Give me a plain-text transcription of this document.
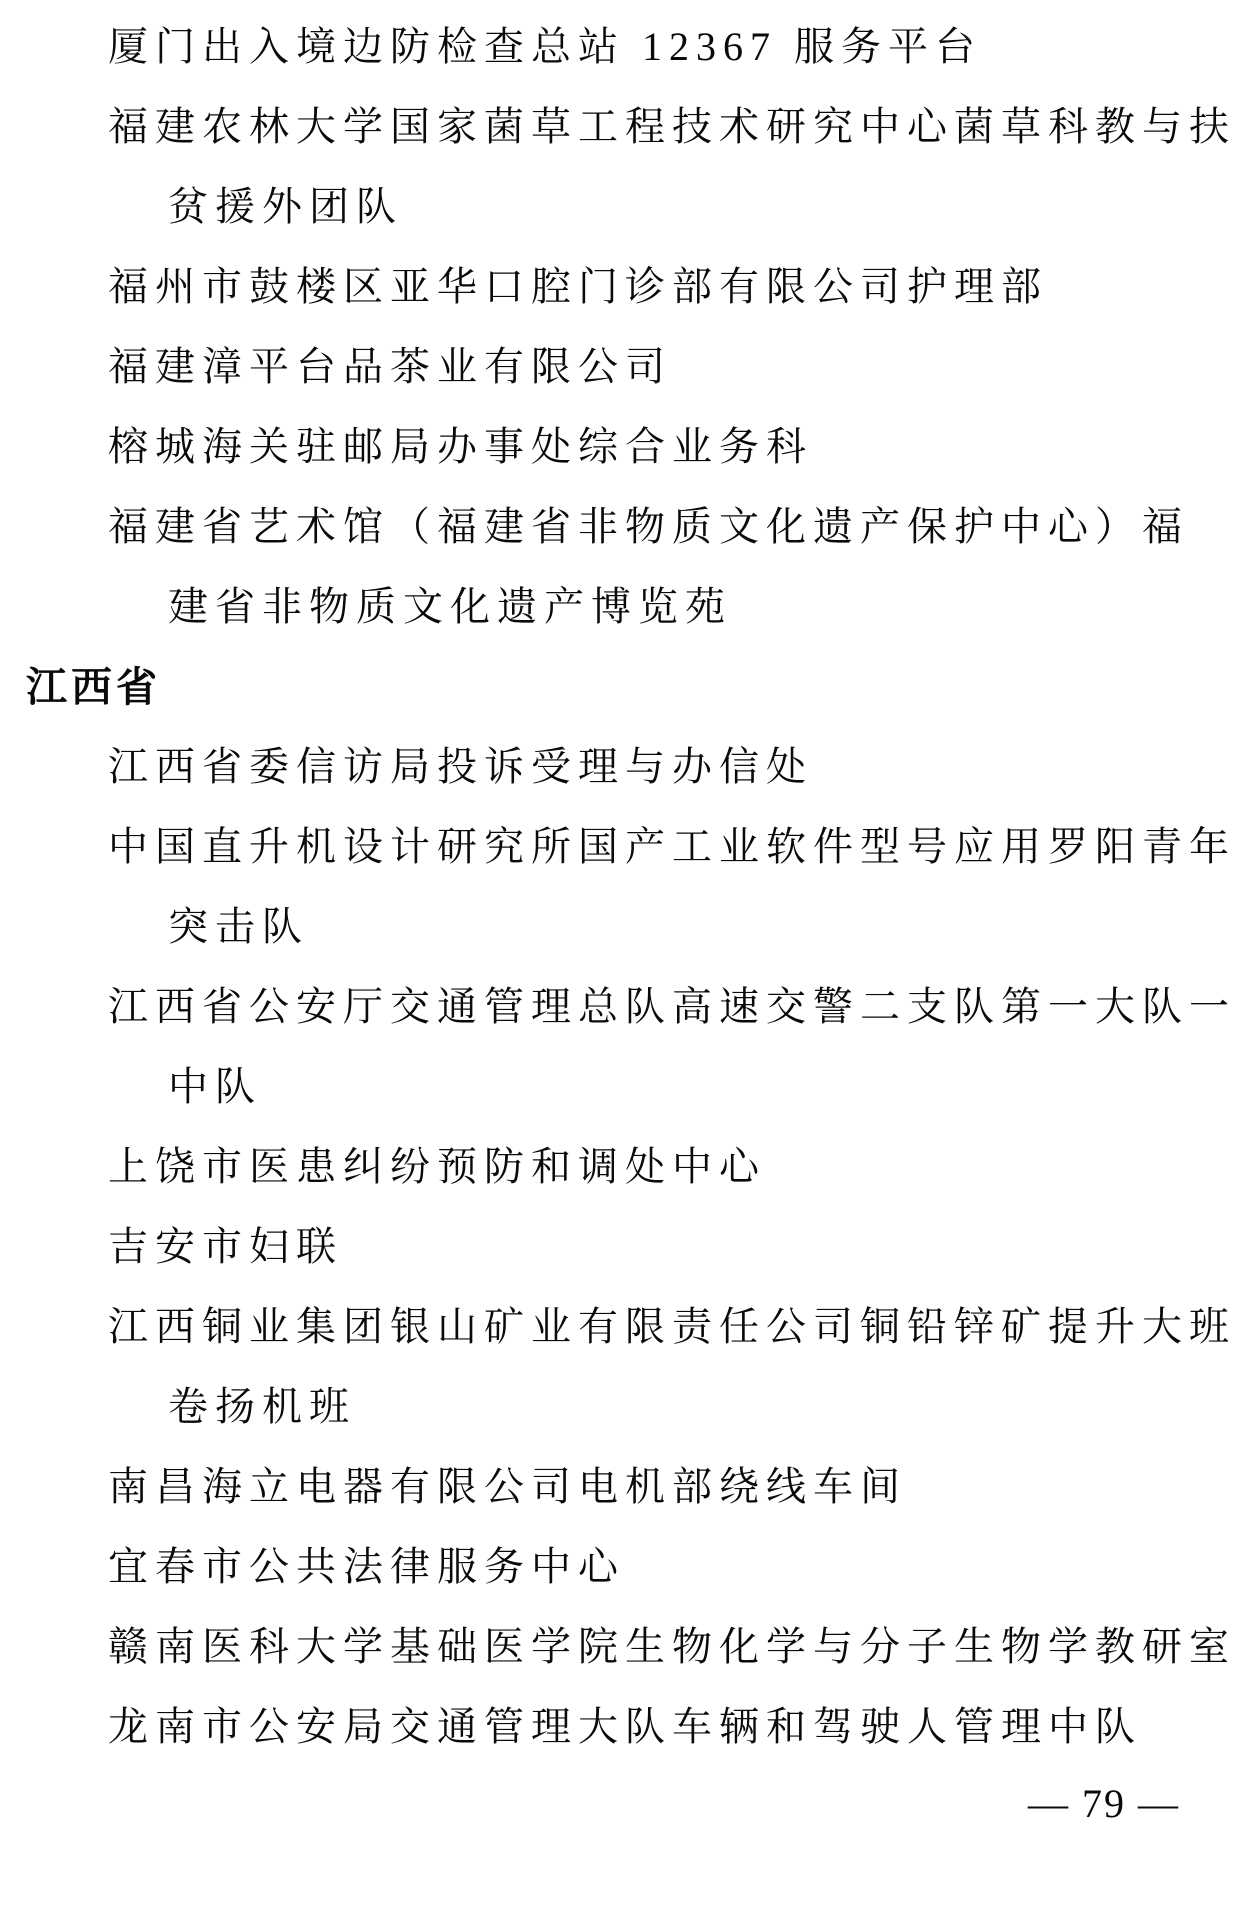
厦门出入境边防检查总站 12367 服务平台
福建农林大学国家菌草工程技术研究中心菌草科教与扶
贫援外团队
福州市鼓楼区亚华口腔门诊部有限公司护理部
福建漳平台品茶业有限公司
榕城海关驻邮局办事处综合业务科
福建省艺术馆（福建省非物质文化遗产保护中心）福
建省非物质文化遗产博览苑
江西省
江西省委信访局投诉受理与办信处
中国直升机设计研究所国产工业软件型号应用罗阳青年
突击队
江西省公安厅交通管理总队高速交警二支队第一大队一
中队
上饶市医患纠纷预防和调处中心
吉安市妇联
江西铜业集团银山矿业有限责任公司铜铅锌矿提升大班
卷扬机班
南昌海立电器有限公司电机部绕线车间
宜春市公共法律服务中心
赣南医科大学基础医学院生物化学与分子生物学教研室
龙南市公安局交通管理大队车辆和驾驶人管理中队
— 79 —
